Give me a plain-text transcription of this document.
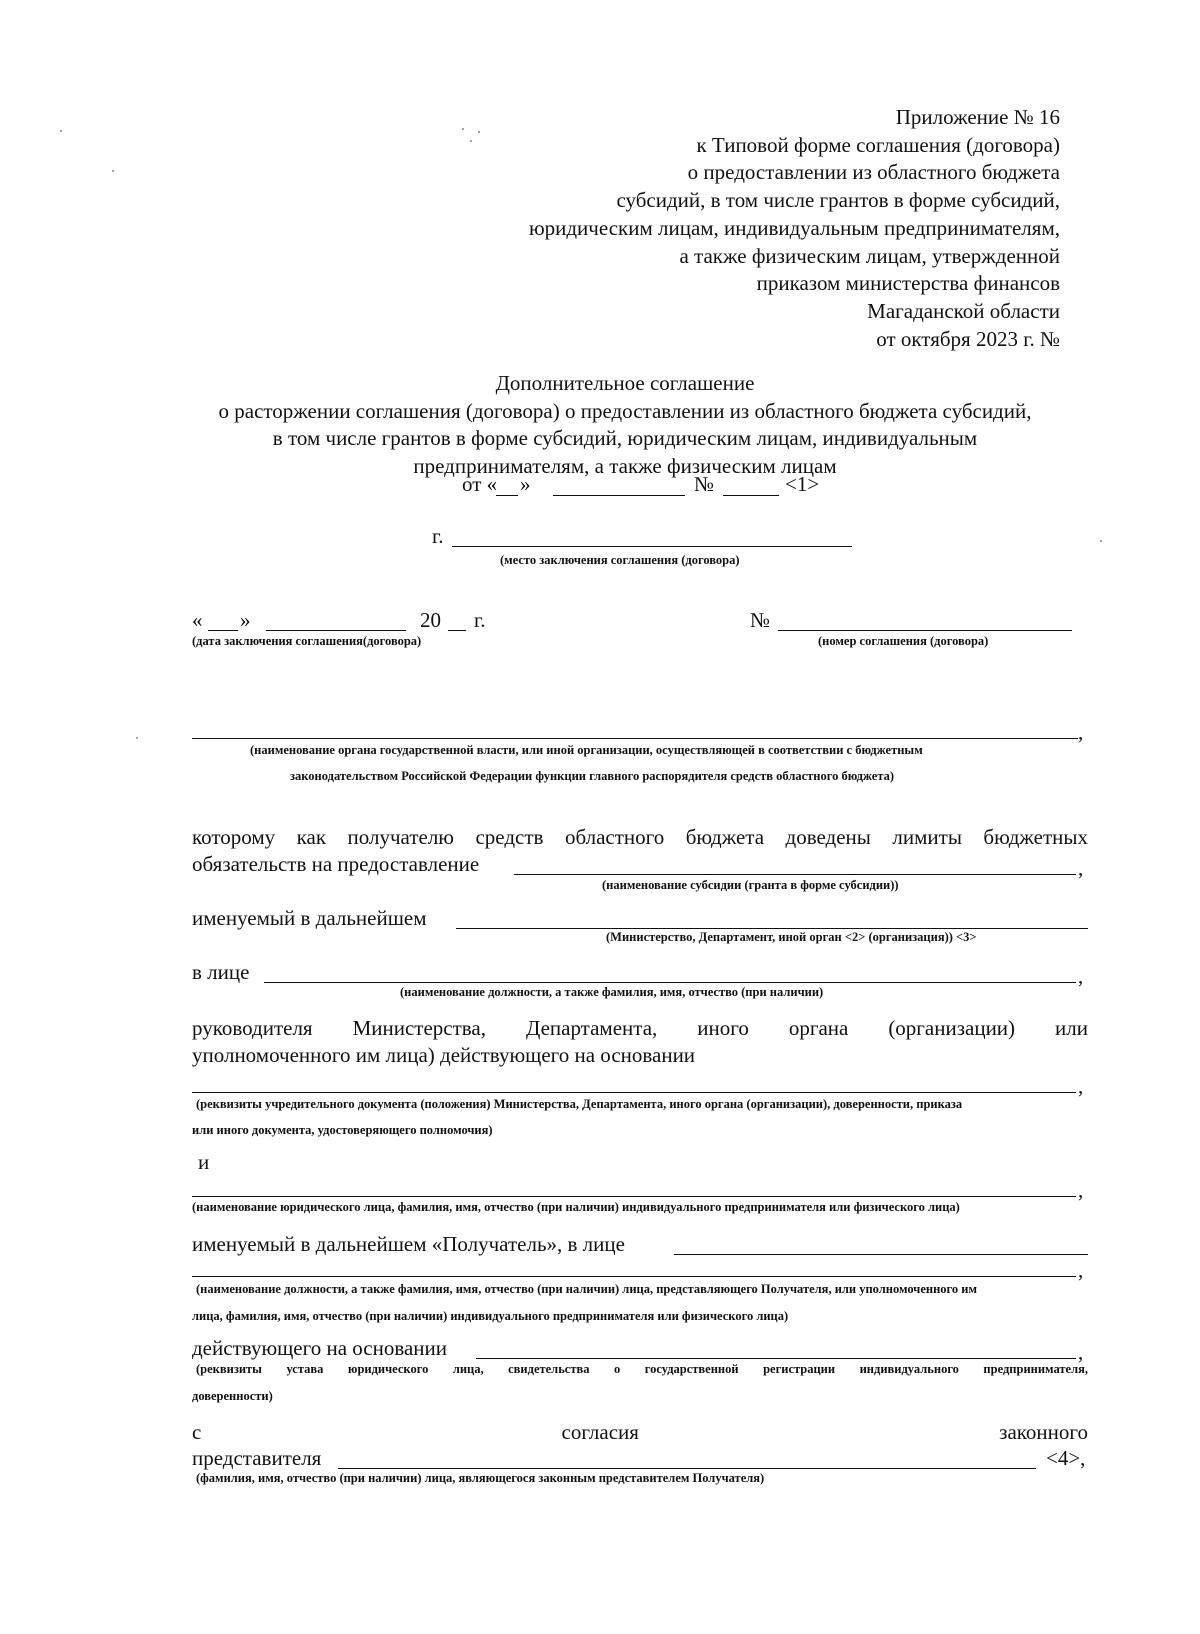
Приложение № 16
к Типовой форме соглашения (договора)
о предоставлении из областного бюджета
субсидий, в том числе грантов в форме субсидий,
юридическим лицам, индивидуальным предпринимателям,
а также физическим лицам, утвержденной
приказом министерства финансов
Магаданской области
от октября 2023 г. №
Дополнительное соглашение
о расторжении соглашения (договора) о предоставлении из областного бюджета субсидий,
в том числе грантов в форме субсидий, юридическим лицам, индивидуальным
предпринимателям, а также физическим лицам
от « »	№	<1>
г.
(место заключения соглашения (договора)
« »	20 г.
(дата заключения соглашения(договора)
№
(номер соглашения (договора)
,
(наименование органа государственной власти, или иной организации, осуществляющей в соответствии с бюджетным
законодательством Российской Федерации функции главного распорядителя средств областного бюджета)
которому как получателю средств областного бюджета доведены лимиты бюджетных
обязательств на предоставление	,
(наименование субсидии (гранта в форме субсидии))
именуемый в дальнейшем
(Министерство, Департамент, иной орган <2> (организация)) <3>
в лице	,
(наименование должности, а также фамилия, имя, отчество (при наличии)
руководителя Министерства, Департамента, иного органа (организации) или
уполномоченного им лица) действующего на основании
,
(реквизиты учредительного документа (положения) Министерства, Департамента, иного органа (организации), доверенности, приказа
или иного документа, удостоверяющего полномочия)
и
,
(наименование юридического лица, фамилия, имя, отчество (при наличии) индивидуального предпринимателя или физического лица)
именуемый в дальнейшем «Получатель», в лице
,
(наименование должности, а также фамилия, имя, отчество (при наличии) лица, представляющего Получателя, или уполномоченного им
лица, фамилия, имя, отчество (при наличии) индивидуального предпринимателя или физического лица)
действующего на основании	,
(реквизиты устава юридического лица, свидетельства о государственной регистрации индивидуального предпринимателя,
доверенности)
с	согласия	законного
представителя	<4>,
(фамилия, имя, отчество (при наличии) лица, являющегося законным представителем Получателя)
